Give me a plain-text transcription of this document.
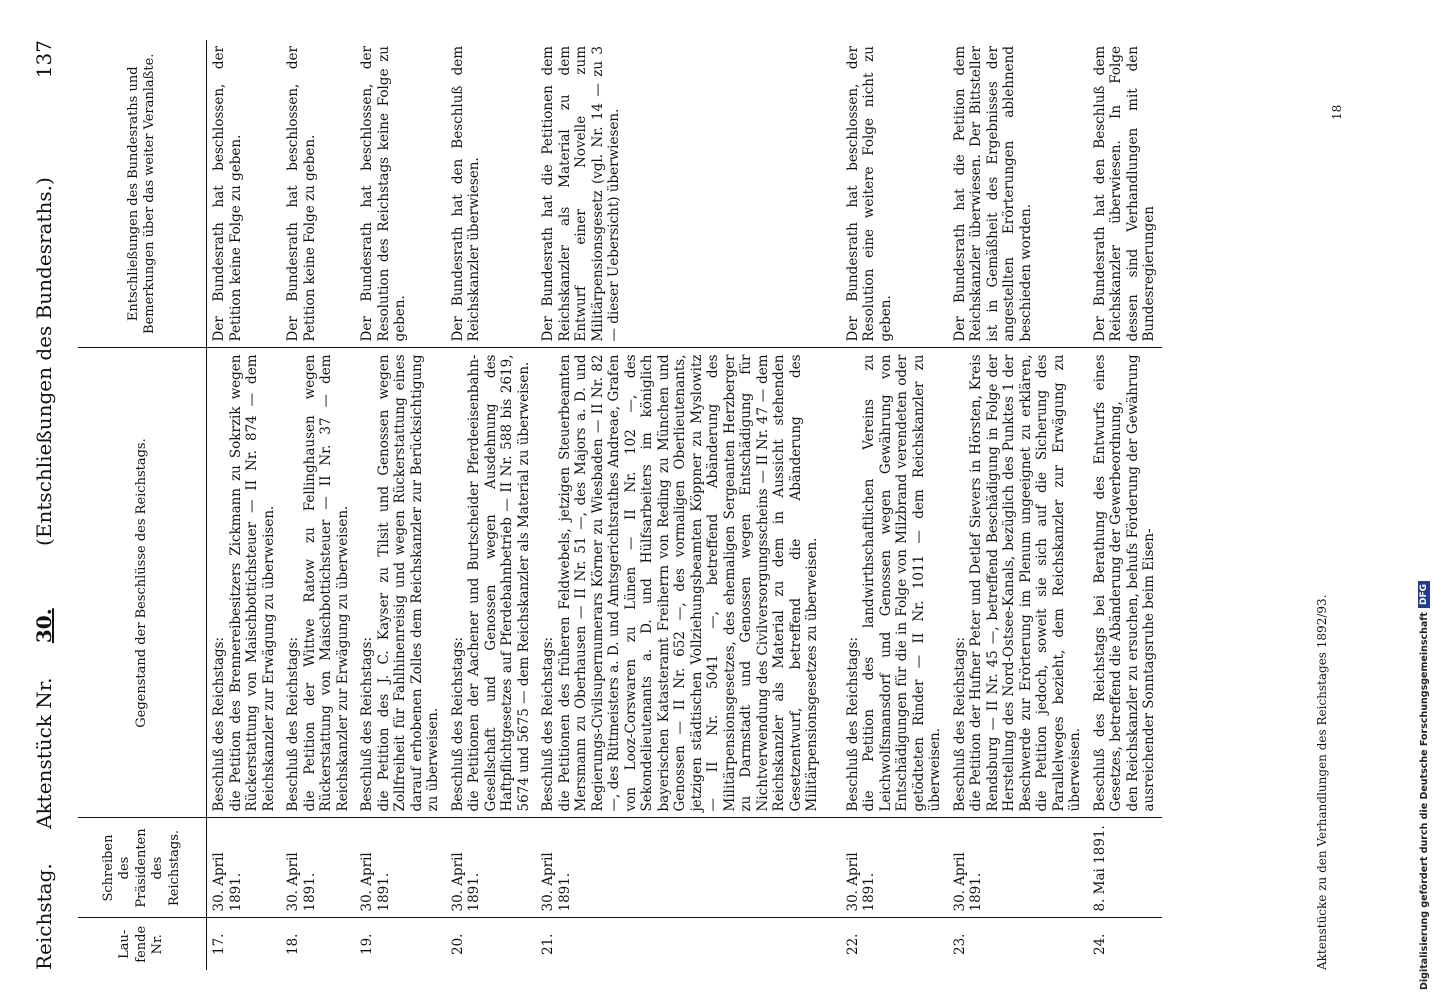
Reichstag. Aktenstück Nr. 30. (Entschließungen des Bundesraths.)
137
Lau-fende Nr.	Schreiben des Präsidenten des Reichstags.	Gegenstand der Beschlüsse des Reichstags.	Entschließungen des Bundesraths und Bemerkungen über das weiter Veranlaßte.
17.	30. April 1891.	Beschluß des Reichstags: die Petition des Brennereibesitzers Zickmann zu Sokrzik wegen Rückerstattung von Maischbottichsteuer — II Nr. 874 — dem Reichskanzler zur Erwägung zu überweisen.	Der Bundesrath hat beschlossen, der Petition keine Folge zu geben.
18.	30. April 1891.	Beschluß des Reichstags: die Petition der Wittwe Ratow zu Fellinghausen wegen Rückerstattung von Maischbottichsteuer — II Nr. 37 — dem Reichskanzler zur Erwägung zu überweisen.	Der Bundesrath hat beschlossen, der Petition keine Folge zu geben.
19.	30. April 1891.	Beschluß des Reichstags: die Petition des J. C. Kayser zu Tilsit und Genossen wegen Zollfreiheit für Fahlhinenreisig und wegen Rückerstattung eines darauf erhobenen Zolles dem Reichskanzler zur Berücksichtigung zu überweisen.	Der Bundesrath hat beschlossen, der Resolution des Reichstags keine Folge zu geben.
20.	30. April 1891.	Beschluß des Reichstags: die Petitionen der Aachener und Burtscheider Pferdeeisenbahn-Gesellschaft und Genossen wegen Ausdehnung des Haftpflichtgesetzes auf Pferdebahnbetrieb — II Nr. 588 bis 2619, 5674 und 5675 — dem Reichskanzler als Material zu überweisen.	Der Bundesrath hat den Beschluß dem Reichskanzler überwiesen.
21.	30. April 1891.	Beschluß des Reichstags: die Petitionen des früheren Feldwebels, jetzigen Steuerbeamten Mersmann zu Oberhausen — II Nr. 51 —, des Majors a. D. und Regierungs-Civilsupernumerars Körner zu Wiesbaden — II Nr. 82 —, des Rittmeisters a. D. und Amtsgerichtsrathes Andreae, Grafen von Looz-Corswaren zu Lünen — II Nr. 102 —, des Sekondelieutenants a. D. und Hülfsarbeiters im königlich bayerischen Katasteramt Freiherrn von Reding zu München und Genossen — II Nr. 652 —, des vormaligen Oberlieutenants, jetzigen städtischen Vollziehungsbeamten Köppner zu Myslowitz — II Nr. 5041 —, betreffend Abänderung des Militärpensionsgesetzes, des ehemaligen Sergeanten Herzberger zu Darmstadt und Genossen wegen Entschädigung für Nichtverwendung des Civilversorgungsscheins — II Nr. 47 — dem Reichskanzler als Material zu dem in Aussicht stehenden Gesetzentwurf, betreffend die Abänderung des Militärpensionsgesetzes zu überweisen.	Der Bundesrath hat die Petitionen dem Reichskanzler als Material zu dem Entwurf einer Novelle zum Militärpensionsgesetz (vgl. Nr. 14 — zu 3 — dieser Uebersicht) überwiesen.
22.	30. April 1891.	Beschluß des Reichstags: die Petition des landwirthschaftlichen Vereins zu Leichwolfsmansdorf und Genossen wegen Gewährung von Entschädigungen für die in Folge von Milzbrand verendeten oder getödteten Rinder — II Nr. 1011 — dem Reichskanzler zu überweisen.	Der Bundesrath hat beschlossen, der Resolution eine weitere Folge nicht zu geben.
23.	30. April 1891.	Beschluß des Reichstags: die Petition der Hufner Peter und Detlef Sievers in Hörsten, Kreis Rendsburg — II Nr. 45 —, betreffend Beschädigung in Folge der Herstellung des Nord-Ostsee-Kanals, bezüglich des Punktes 1 der Beschwerde zur Erörterung im Plenum ungeeignet zu erklären, die Petition jedoch, soweit sie sich auf die Sicherung des Parallelweges bezieht, dem Reichskanzler zur Erwägung zu überweisen.	Der Bundesrath hat die Petition dem Reichskanzler überwiesen. Der Bittsteller ist in Gemäßheit des Ergebnisses der angestellten Erörterungen ablehnend beschieden worden.
24.	8. Mai 1891.	Beschluß des Reichstags bei Berathung des Entwurfs eines Gesetzes, betreffend die Abänderung der Gewerbeordnung, den Reichskanzler zu ersuchen, behufs Förderung der Gewährung ausreichender Sonntagsruhe beim Eisen-	Der Bundesrath hat den Beschluß dem Reichskanzler überwiesen. In Folge dessen sind Verhandlungen mit den Bundesregierungen
Aktenstücke zu den Verhandlungen des Reichstages 1892/93.
18
Digitalisierung gefördert durch die Deutsche Forschungsgemeinschaft
DFG
